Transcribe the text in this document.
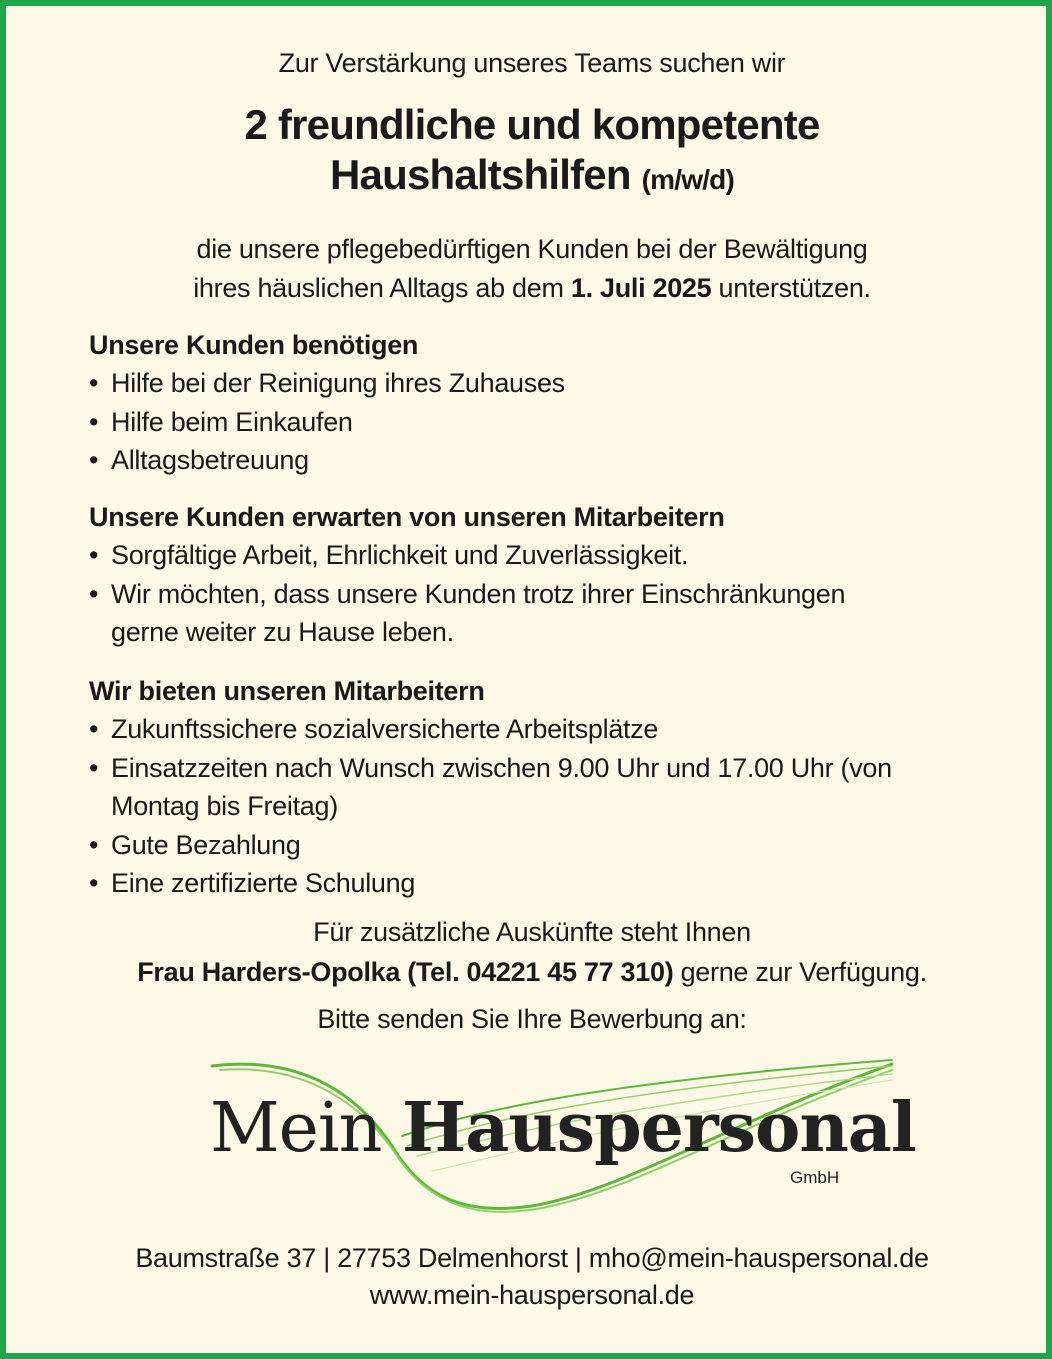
Zur Verstärkung unseres Teams suchen wir
2 freundliche und kompetente
Haushaltshilfen (m/w/d)
die unsere pflegebedürftigen Kunden bei der Bewältigung
ihres häuslichen Alltags ab dem 1. Juli 2025 unterstützen.
Unsere Kunden benötigen
• Hilfe bei der Reinigung ihres Zuhauses
• Hilfe beim Einkaufen
• Alltagsbetreuung
Unsere Kunden erwarten von unseren Mitarbeitern
• Sorgfältige Arbeit, Ehrlichkeit und Zuverlässigkeit.
• Wir möchten, dass unsere Kunden trotz ihrer Einschränkungen gerne weiter zu Hause leben.
Wir bieten unseren Mitarbeitern
• Zukunftssichere sozialversicherte Arbeitsplätze
• Einsatzzeiten nach Wunsch zwischen 9.00 Uhr und 17.00 Uhr (von Montag bis Freitag)
• Gute Bezahlung
• Eine zertifizierte Schulung
Für zusätzliche Auskünfte steht Ihnen
Frau Harders-Opolka (Tel. 04221 45 77 310) gerne zur Verfügung.
Bitte senden Sie Ihre Bewerbung an:
Mein Hauspersonal
GmbH
Baumstraße 37 | 27753 Delmenhorst | mho@mein-hauspersonal.de
www.mein-hauspersonal.de
